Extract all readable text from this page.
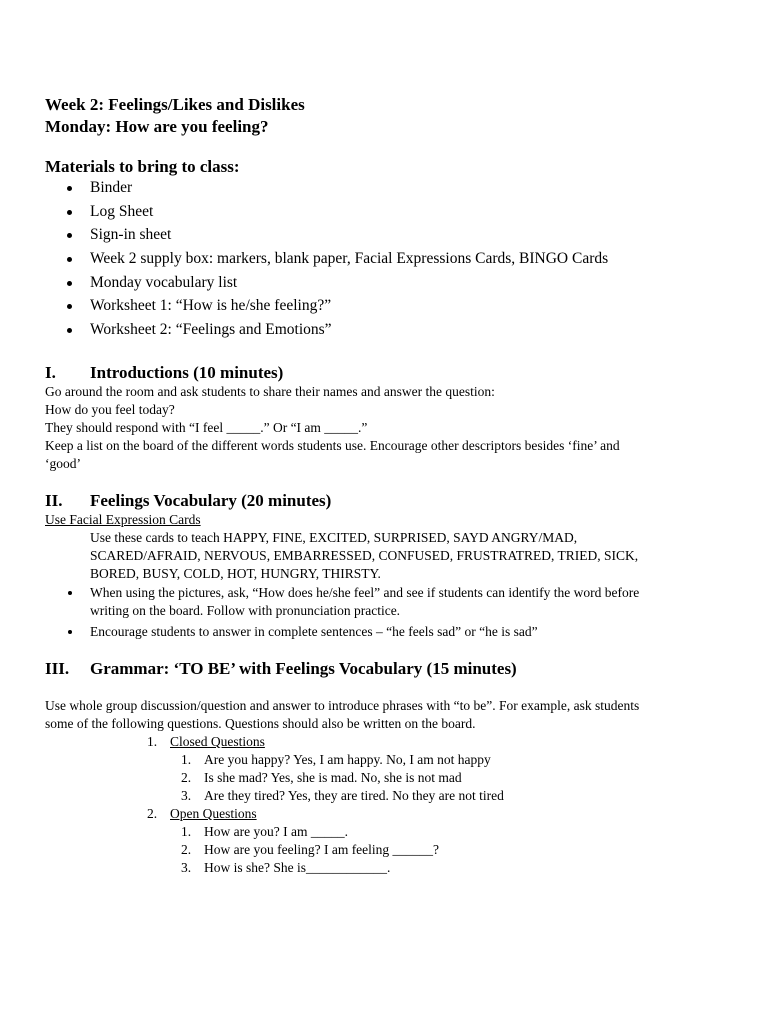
Week 2: Feelings/Likes and Dislikes
Monday: How are you feeling?
Materials to bring to class:
Binder
Log Sheet
Sign-in sheet
Week 2 supply box: markers, blank paper, Facial Expressions Cards, BINGO Cards
Monday vocabulary list
Worksheet 1: “How is he/she feeling?”
Worksheet 2: “Feelings and Emotions”
I. Introductions (10 minutes)
Go around the room and ask students to share their names and answer the question:
How do you feel today?
They should respond with “I feel _____.” Or “I am _____.”
Keep a list on the board of the different words students use. Encourage other descriptors besides ‘fine’ and
‘good’
II. Feelings Vocabulary (20 minutes)
Use Facial Expression Cards
Use these cards to teach HAPPY, FINE, EXCITED, SURPRISED, SAYD ANGRY/MAD,
SCARED/AFRAID, NERVOUS, EMBARRESSED, CONFUSED, FRUSTRATRED, TRIED, SICK,
BORED, BUSY, COLD, HOT, HUNGRY, THIRSTY.
When using the pictures, ask, “How does he/she feel” and see if students can identify the word before
writing on the board. Follow with pronunciation practice.
Encourage students to answer in complete sentences – “he feels sad” or “he is sad”
III. Grammar: ‘TO BE’ with Feelings Vocabulary (15 minutes)
Use whole group discussion/question and answer to introduce phrases with “to be”. For example, ask students
some of the following questions. Questions should also be written on the board.
1. Closed Questions
1. Are you happy? Yes, I am happy. No, I am not happy
2. Is she mad? Yes, she is mad. No, she is not mad
3. Are they tired? Yes, they are tired. No they are not tired
2. Open Questions
1. How are you? I am _____.
2. How are you feeling? I am feeling ______?
3. How is she? She is____________.
